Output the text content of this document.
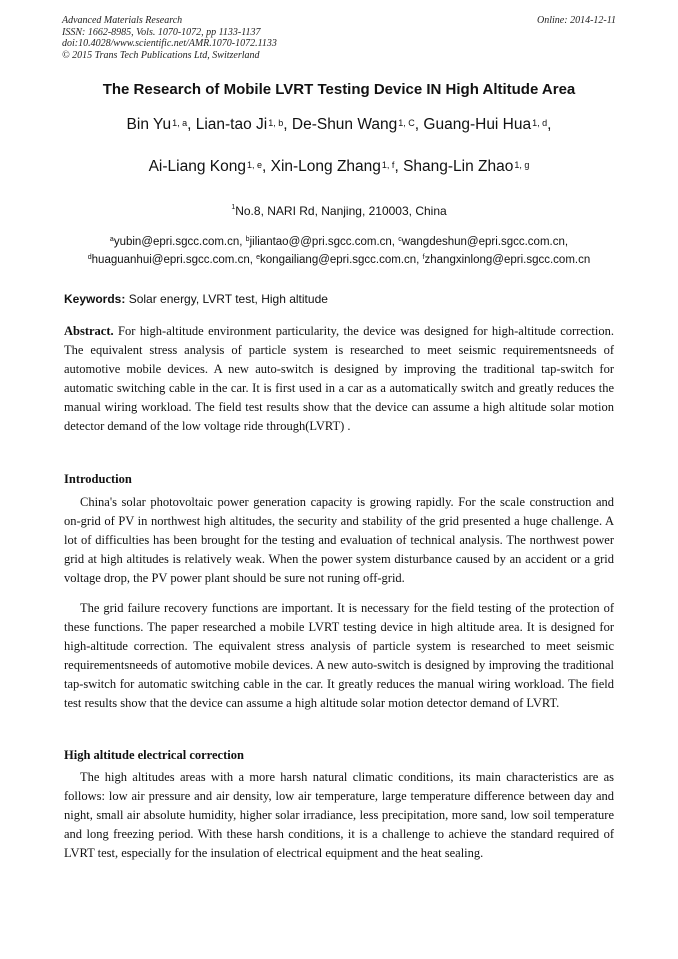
Advanced Materials Research
ISSN: 1662-8985, Vols. 1070-1072, pp 1133-1137
doi:10.4028/www.scientific.net/AMR.1070-1072.1133
© 2015 Trans Tech Publications Ltd, Switzerland
Online: 2014-12-11
The Research of Mobile LVRT Testing Device IN High Altitude Area
Bin Yu$^{1, a}$, Lian-tao Ji$^{1, b}$, De-Shun Wang$^{1, C}$, Guang-Hui Hua$^{1, d}$,
Ai-Liang Kong$^{1, e}$, Xin-Long Zhang$^{1, f}$, Shang-Lin Zhao$^{1, g}$
$^1$No.8, NARI Rd, Nanjing, 210003, China
$^a$yubin@epri.sgcc.com.cn, $^b$jiliantao@@pri.sgcc.com.cn, $^c$wangdeshun@epri.sgcc.com.cn,
$^d$huaguanhui@epri.sgcc.com.cn, $^e$kongailiang@epri.sgcc.com.cn, $^f$zhangxinlong@epri.sgcc.com.cn
Keywords: Solar energy, LVRT test, High altitude
Abstract. For high-altitude environment particularity, the device was designed for high-altitude correction. The equivalent stress analysis of particle system is researched to meet seismic requirementsneeds of automotive mobile devices. A new auto-switch is designed by improving the traditional tap-switch for automatic switching cable in the car. It is first used in a car as a automatically switch and greatly reduces the manual wiring workload. The field test results show that the device can assume a high altitude solar motion detector demand of the low voltage ride through(LVRT) .
Introduction
China's solar photovoltaic power generation capacity is growing rapidly. For the scale construction and on-grid of PV in northwest high altitudes, the security and stability of the grid presented a huge challenge. A lot of difficulties has been brought for the testing and evaluation of technical analysis. The northwest power grid at high altitudes is relatively weak. When the power system disturbance caused by an accident or a grid voltage drop, the PV power plant should be sure not runing off-grid.
The grid failure recovery functions are important. It is necessary for the field testing of the protection of these functions. The paper researched a mobile LVRT testing device in high altitude area. It is designed for high-altitude correction. The equivalent stress analysis of particle system is researched to meet seismic requirementsneeds of automotive mobile devices. A new auto-switch is designed by improving the traditional tap-switch for automatic switching cable in the car. It greatly reduces the manual wiring workload. The field test results show that the device can assume a high altitude solar motion detector demand of LVRT.
High altitude electrical correction
The high altitudes areas with a more harsh natural climatic conditions, its main characteristics are as follows: low air pressure and air density, low air temperature, large temperature difference between day and night, small air absolute humidity, higher solar irradiance, less precipitation, more sand, low soil temperature and long freezing period. With these harsh conditions, it is a challenge to achieve the standard required of LVRT test, especially for the insulation of electrical equipment and the heat sealing.
